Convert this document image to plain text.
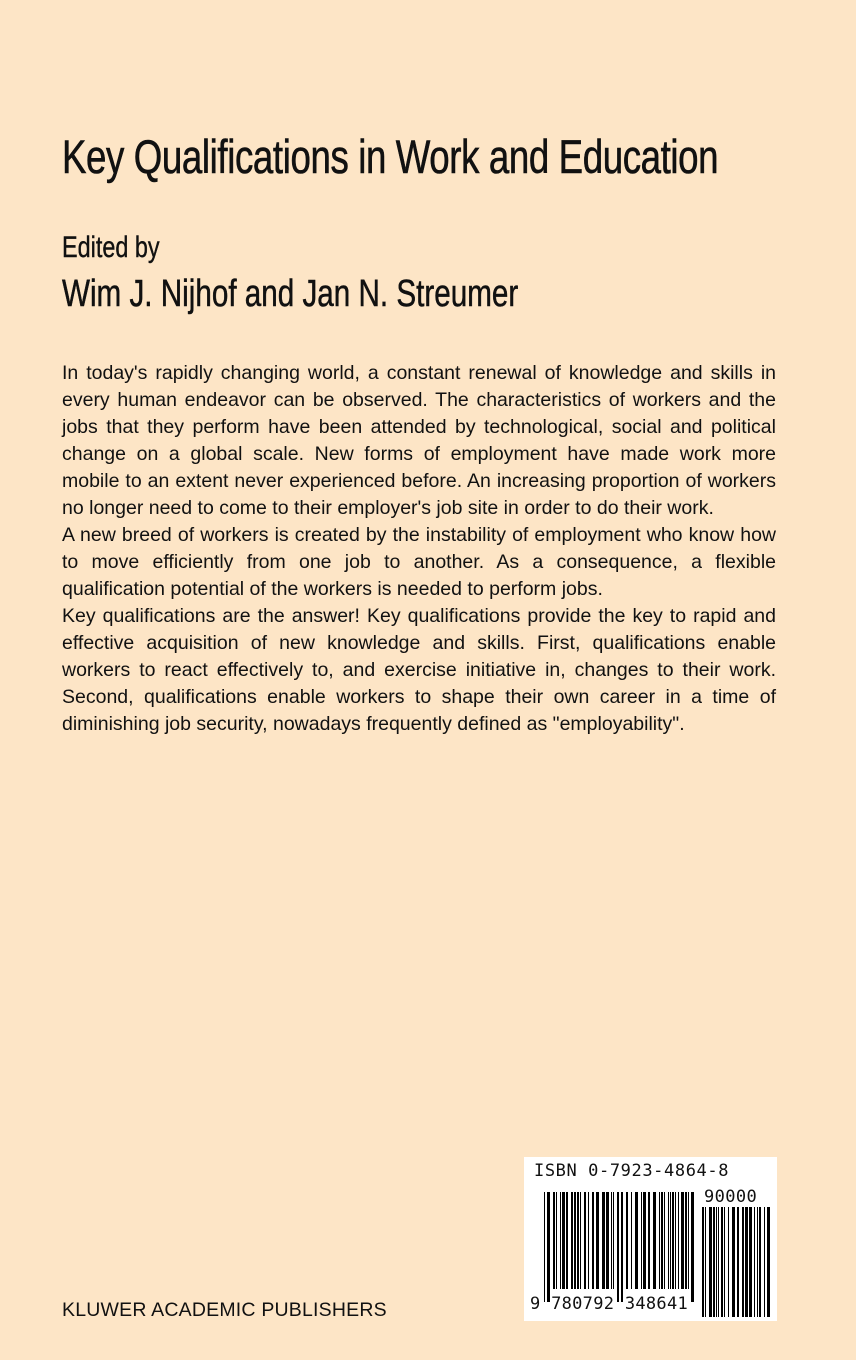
Key Qualifications in Work and Education
Edited by
Wim J. Nijhof and Jan N. Streumer

In today's rapidly changing world, a constant renewal of knowledge and skills in every human endeavor can be observed. The characteristics of workers and the jobs that they perform have been attended by technological, social and political change on a global scale. New forms of employment have made work more mobile to an extent never experienced before. An increasing proportion of workers no longer need to come to their employer's job site in order to do their work.

A new breed of workers is created by the instability of employment who know how to move efficiently from one job to another. As a consequence, a flexible qualification potential of the workers is needed to perform jobs.

Key qualifications are the answer! Key qualifications provide the key to rapid and effective acquisition of new knowledge and skills. First, qualifications enable workers to react effectively to, and exercise initiative in, changes to their work. Second, qualifications enable workers to shape their own career in a time of diminishing job security, nowadays frequently defined as "employability".

KLUWER ACADEMIC PUBLISHERS
ISBN 0-7923-4864-8
90000
9 780792 348641
